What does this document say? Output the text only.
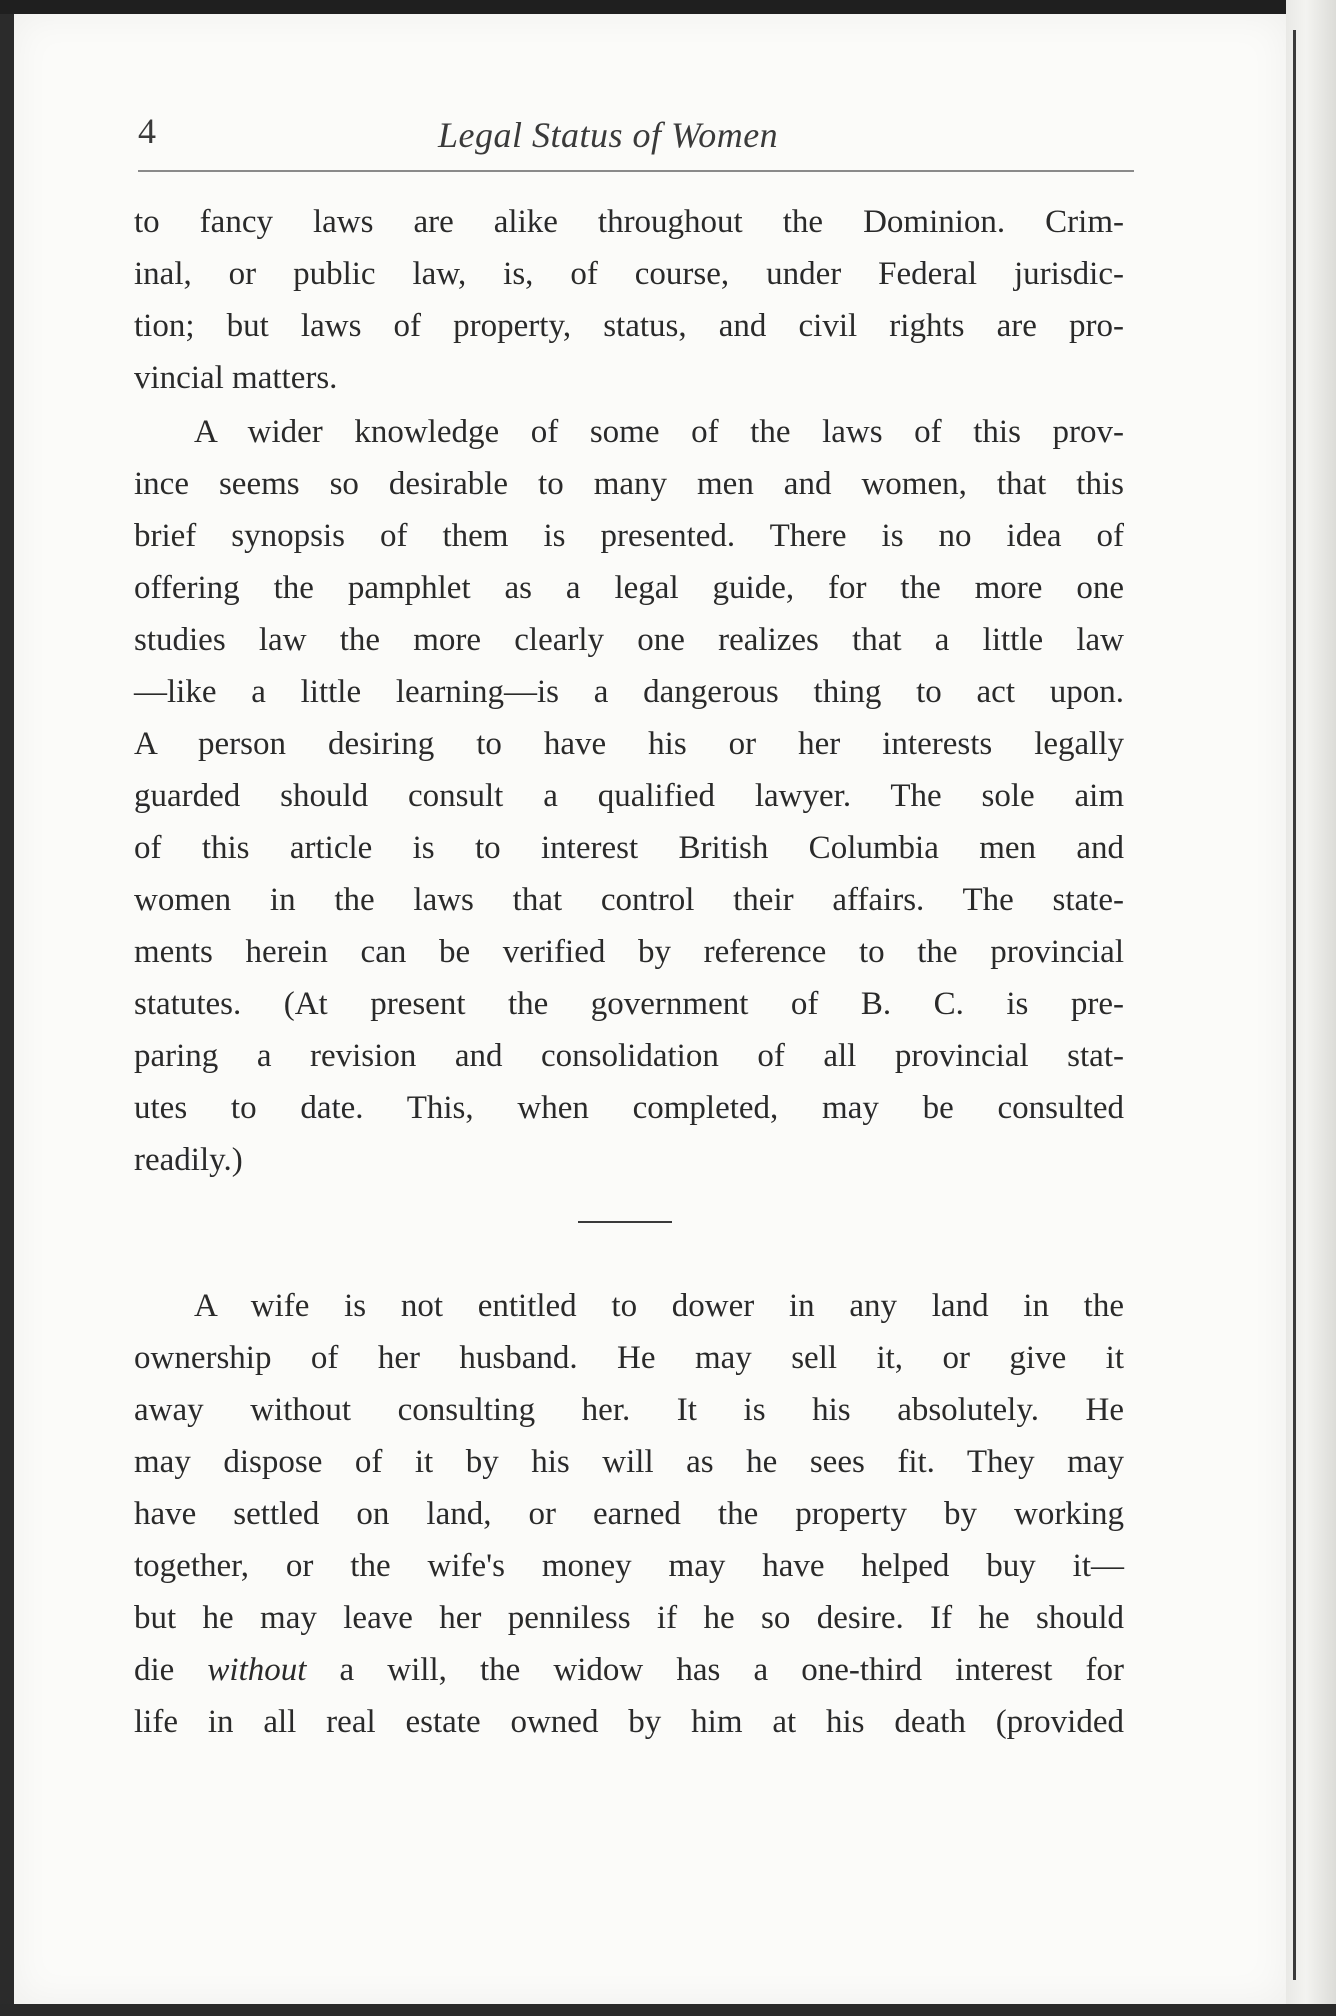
4	Legal Status of Women
to fancy laws are alike throughout the Dominion. Crim-
inal, or public law, is, of course, under Federal jurisdic-
tion; but laws of property, status, and civil rights are pro-
vincial matters.
A wider knowledge of some of the laws of this prov-
ince seems so desirable to many men and women, that this
brief synopsis of them is presented. There is no idea of
offering the pamphlet as a legal guide, for the more one
studies law the more clearly one realizes that a little law
—like a little learning—is a dangerous thing to act upon.
A person desiring to have his or her interests legally
guarded should consult a qualified lawyer. The sole aim
of this article is to interest British Columbia men and
women in the laws that control their affairs. The state-
ments herein can be verified by reference to the provincial
statutes. (At present the government of B. C. is pre-
paring a revision and consolidation of all provincial stat-
utes to date. This, when completed, may be consulted
readily.)
A wife is not entitled to dower in any land in the
ownership of her husband. He may sell it, or give it
away without consulting her. It is his absolutely. He
may dispose of it by his will as he sees fit. They may
have settled on land, or earned the property by working
together, or the wife's money may have helped buy it—
but he may leave her penniless if he so desire. If he should
die without a will, the widow has a one-third interest for
life in all real estate owned by him at his death (provided
